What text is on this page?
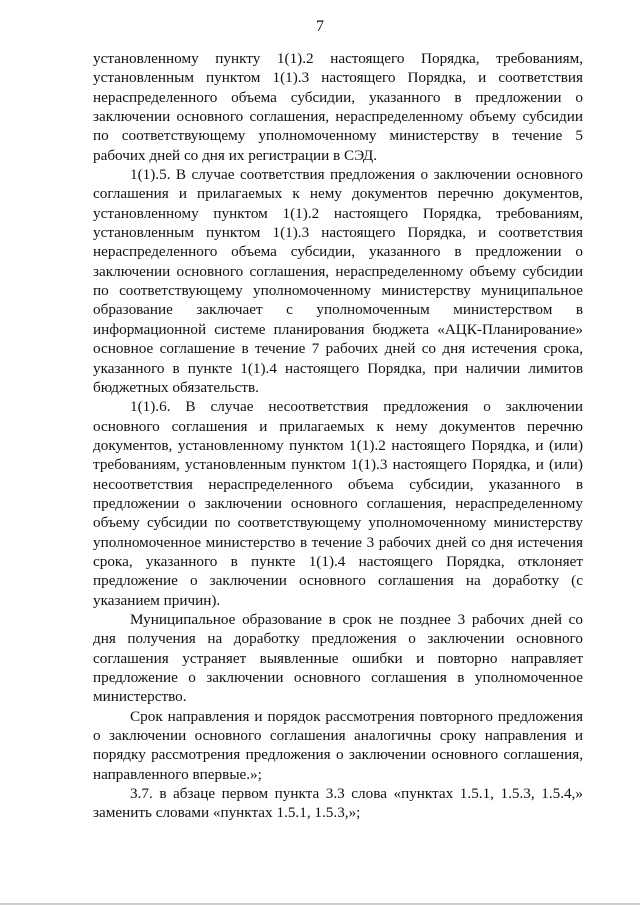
7

установленному пункту 1(1).2 настоящего Порядка, требованиям, установленным пунктом 1(1).3 настоящего Порядка, и соответствия нераспределенного объема субсидии, указанного в предложении о заключении основного соглашения, нераспределенному объему субсидии по соответствующему уполномоченному министерству в течение 5 рабочих дней со дня их регистрации в СЭД.

1(1).5. В случае соответствия предложения о заключении основного соглашения и прилагаемых к нему документов перечню документов, установленному пунктом 1(1).2 настоящего Порядка, требованиям, установленным пунктом 1(1).3 настоящего Порядка, и соответствия нераспределенного объема субсидии, указанного в предложении о заключении основного соглашения, нераспределенному объему субсидии по соответствующему уполномоченному министерству муниципальное образование заключает с уполномоченным министерством в информационной системе планирования бюджета «АЦК-Планирование» основное соглашение в течение 7 рабочих дней со дня истечения срока, указанного в пункте 1(1).4 настоящего Порядка, при наличии лимитов бюджетных обязательств.

1(1).6. В случае несоответствия предложения о заключении основного соглашения и прилагаемых к нему документов перечню документов, установленному пунктом 1(1).2 настоящего Порядка, и (или) требованиям, установленным пунктом 1(1).3 настоящего Порядка, и (или) несоответствия нераспределенного объема субсидии, указанного в предложении о заключении основного соглашения, нераспределенному объему субсидии по соответствующему уполномоченному министерству уполномоченное министерство в течение 3 рабочих дней со дня истечения срока, указанного в пункте 1(1).4 настоящего Порядка, отклоняет предложение о заключении основного соглашения на доработку (с указанием причин).

Муниципальное образование в срок не позднее 3 рабочих дней со дня получения на доработку предложения о заключении основного соглашения устраняет выявленные ошибки и повторно направляет предложение о заключении основного соглашения в уполномоченное министерство.

Срок направления и порядок рассмотрения повторного предложения о заключении основного соглашения аналогичны сроку направления и порядку рассмотрения предложения о заключении основного соглашения, направленного впервые.»;

3.7. в абзаце первом пункта 3.3 слова «пунктах 1.5.1, 1.5.3, 1.5.4,» заменить словами «пунктах 1.5.1, 1.5.3,»;
